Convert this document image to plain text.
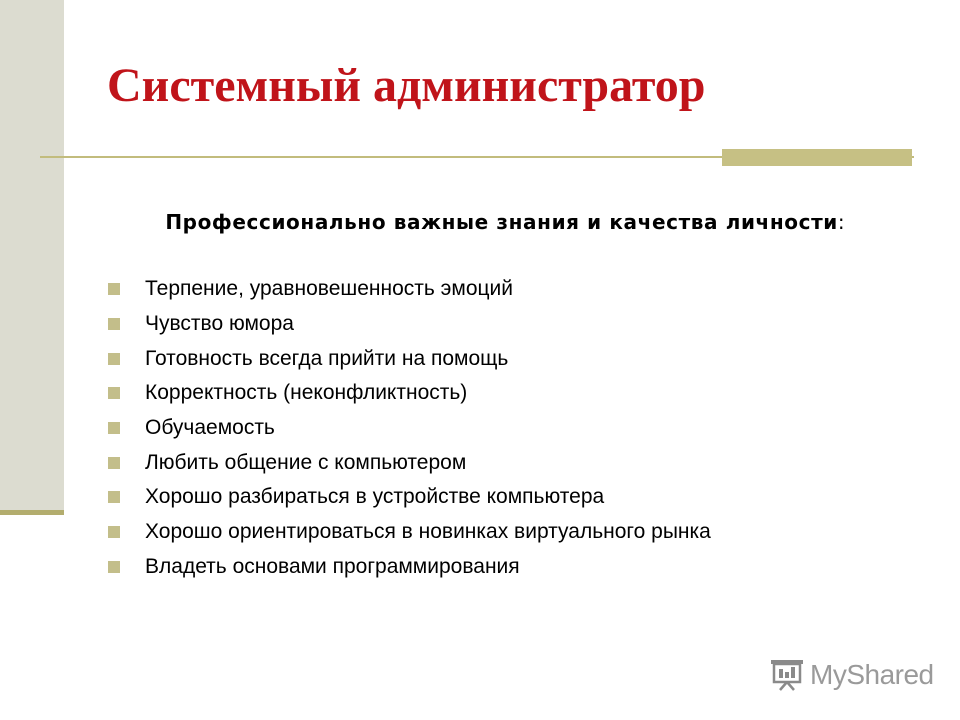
Системный администратор
Профессионально важные знания и качества личности:
Терпение, уравновешенность эмоций
Чувство юмора
Готовность всегда прийти на помощь
Корректность (неконфликтность)
Обучаемость
Любить общение с компьютером
Хорошо разбираться в устройстве компьютера
Хорошо ориентироваться в новинках виртуального рынка
Владеть основами программирования
MyShared
